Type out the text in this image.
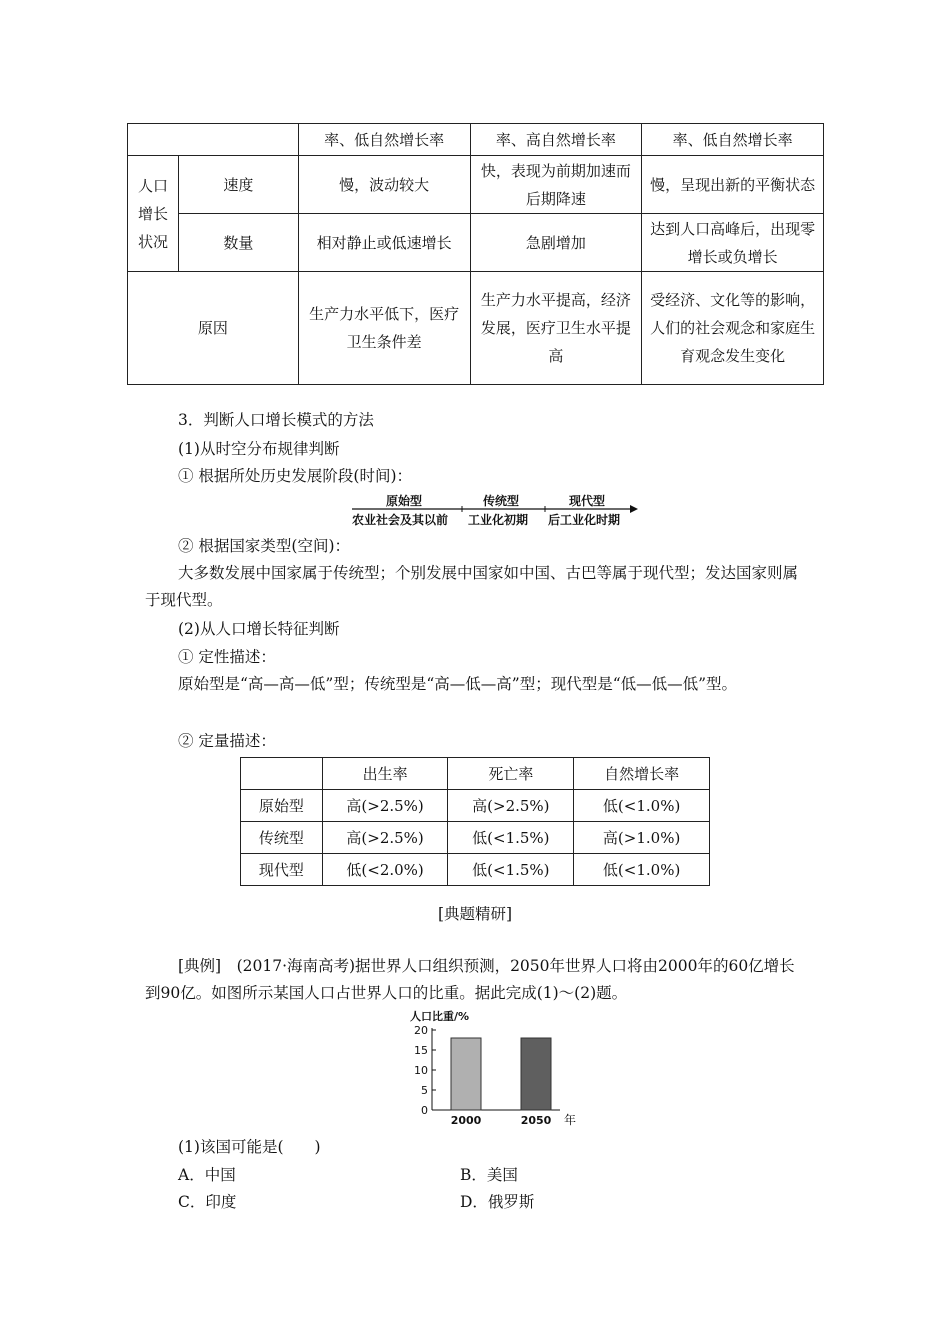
		率、低自然增长率	率、高自然增长率	率、低自然增长率
人口增长状况	速度	慢，波动较大	快，表现为前期加速而后期降速	慢，呈现出新的平衡状态
	数量	相对静止或低速增长	急剧增加	达到人口高峰后，出现零增长或负增长
原因		生产力水平低下，医疗卫生条件差	生产力水平提高，经济发展，医疗卫生水平提高	受经济、文化等的影响，人们的社会观念和家庭生育观念发生变化
3．判断人口增长模式的方法
(1)从时空分布规律判断
① 根据所处历史发展阶段(时间)：
原始型	传统型	现代型
农业社会及其以前 工业化初期 后工业化时期
② 根据国家类型(空间)：
大多数发展中国家属于传统型；个别发展中国家如中国、古巴等属于现代型；发达国家则属于现代型。
(2)从人口增长特征判断
① 定性描述：
原始型是“高—高—低”型；传统型是“高—低—高”型；现代型是“低—低—低”型。
② 定量描述：
	出生率	死亡率	自然增长率
原始型	高(>2.5%)	高(>2.5%)	低(<1.0%)
传统型	高(>2.5%)	低(<1.5%)	高(>1.0%)
现代型	低(<2.0%)	低(<1.5%)	低(<1.0%)
[典题精研]
[典例]　(2017·海南高考)据世界人口组织预测，2050年世界人口将由2000年的60亿增长到90亿。如图所示某国人口占世界人口的比重。据此完成(1)～(2)题。
人口比重/%
0
5
10
15
20
2000	2050 年
(1)该国可能是(　　)
A．中国	B．美国
C．印度	D．俄罗斯
